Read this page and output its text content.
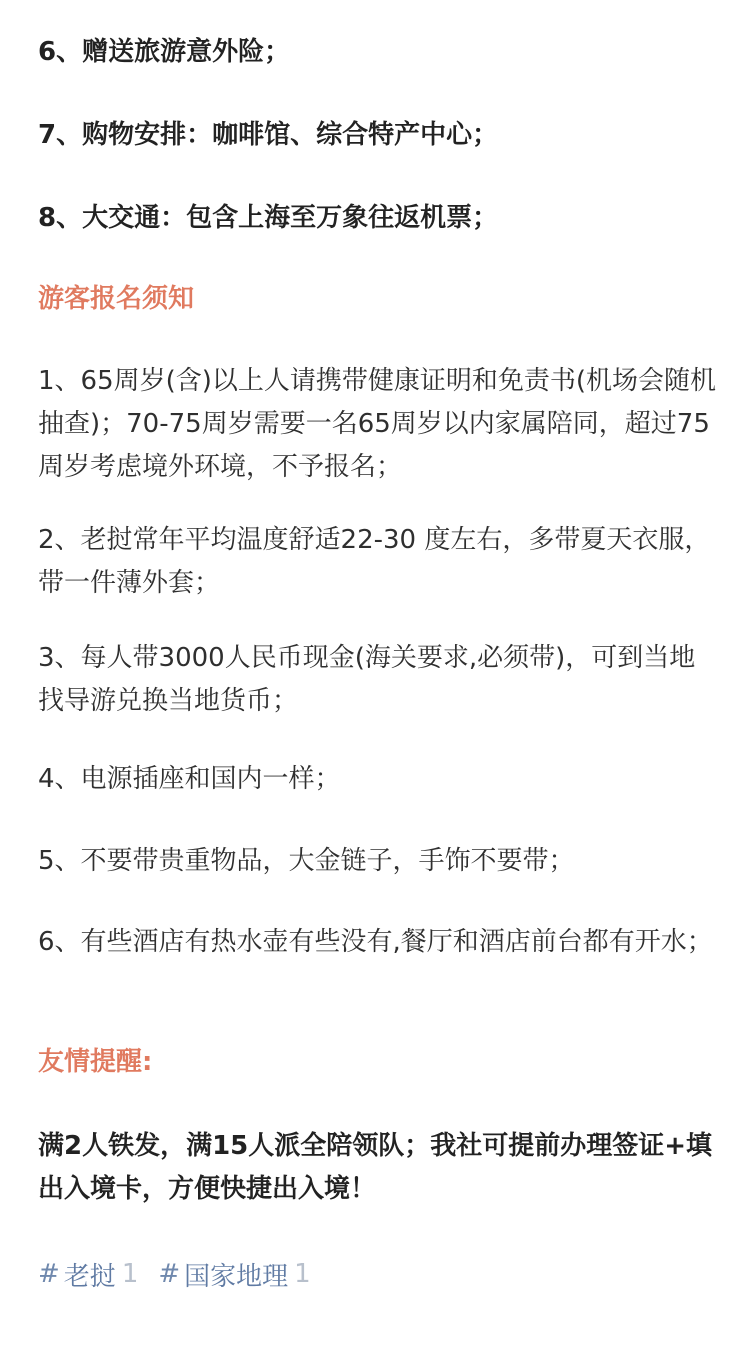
6、赠送旅游意外险；
7、购物安排：咖啡馆、综合特产中心；
8、大交通：包含上海至万象往返机票；
游客报名须知
1、65周岁(含)以上人请携带健康证明和免责书(机场会随机抽查)；70-75周岁需要一名65周岁以内家属陪同，超过75周岁考虑境外环境，不予报名；
2、老挝常年平均温度舒适22-30 度左右，多带夏天衣服，带一件薄外套；
3、每人带3000人民币现金(海关要求,必须带)，可到当地找导游兑换当地货币；
4、电源插座和国内一样；
5、不要带贵重物品，大金链子，手饰不要带；
6、有些酒店有热水壶有些没有,餐厅和酒店前台都有开水；
友情提醒:
满2人铁发，满15人派全陪领队；我社可提前办理签证+填出入境卡，方便快捷出入境！
# 老挝 1 # 国家地理 1
